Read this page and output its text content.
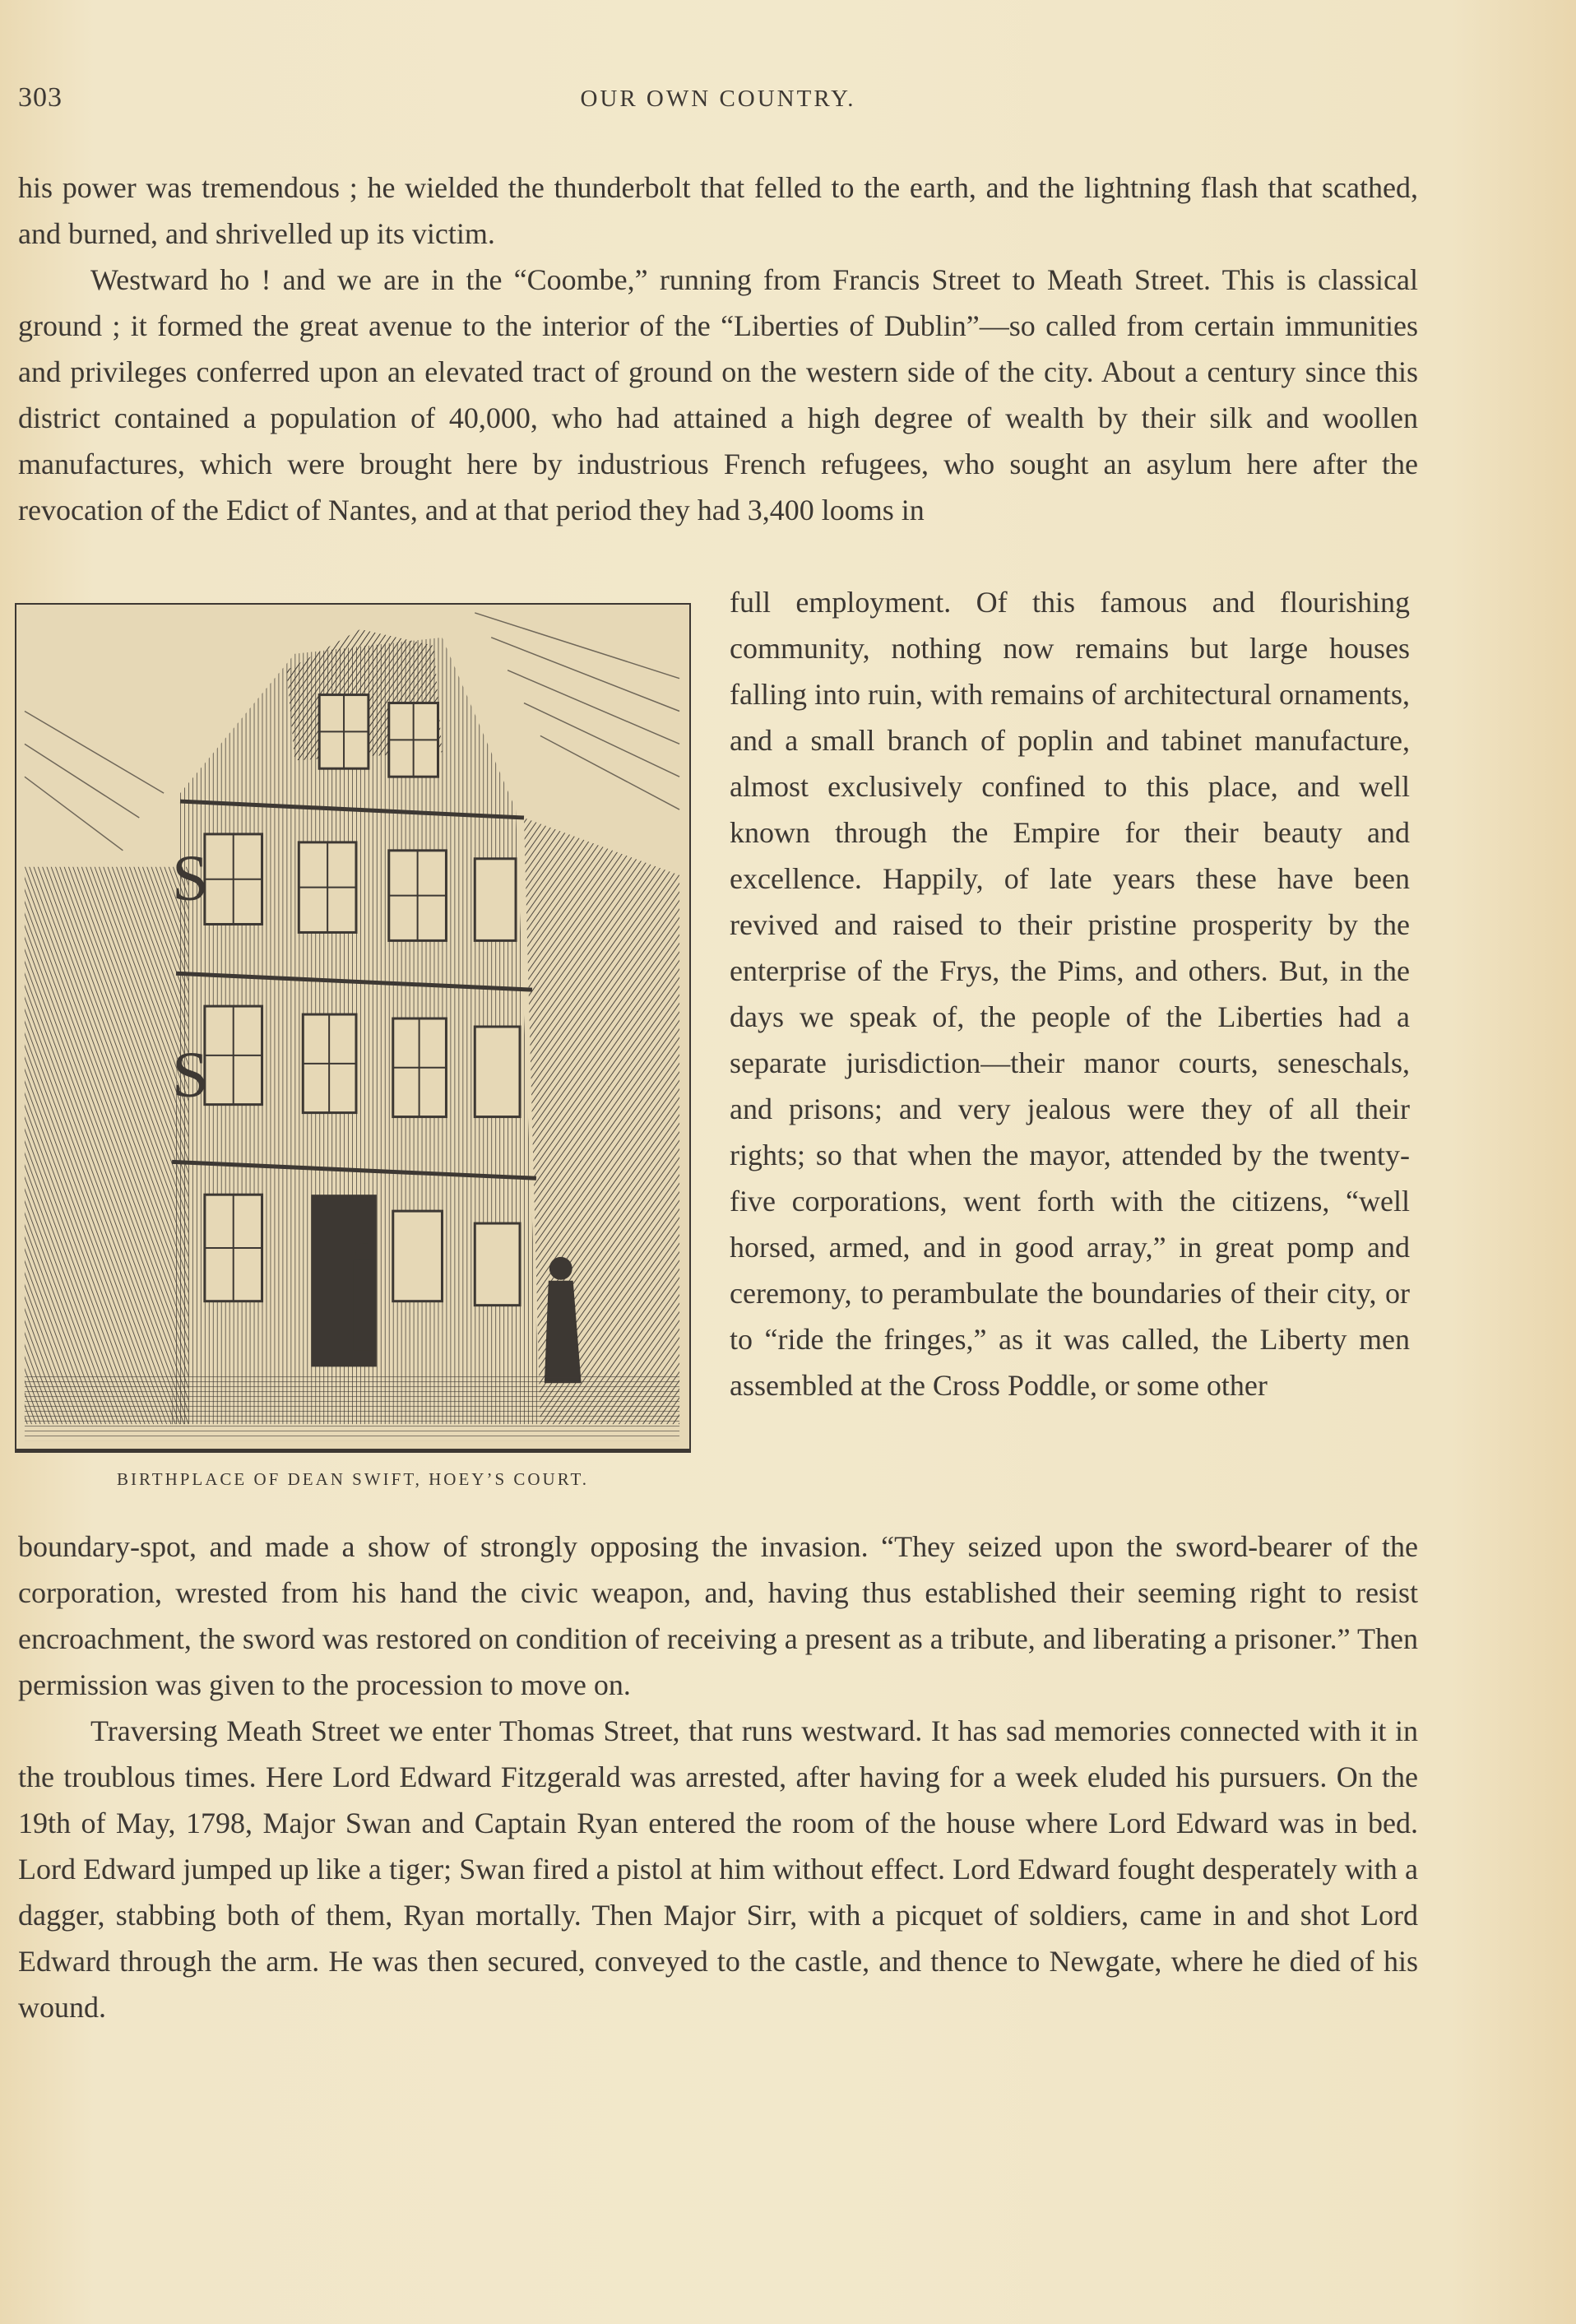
303	OUR OWN COUNTRY.

his power was tremendous ; he wielded the thunderbolt that felled to the earth, and the lightning flash that scathed, and burned, and shrivelled up its victim.

Westward ho ! and we are in the “Coombe,” running from Francis Street to Meath Street. This is classical ground ; it formed the great avenue to the interior of the “Liberties of Dublin”—so called from certain immunities and privileges conferred upon an elevated tract of ground on the western side of the city. About a century since this district contained a population of 40,000, who had attained a high degree of wealth by their silk and woollen manufactures, which were brought here by industrious French refugees, who sought an asylum here after the revocation of the Edict of Nantes, and at that period they had 3,400 looms in

S
S
BIRTHPLACE OF DEAN SWIFT, HOEY’S COURT.

full employment. Of this famous and flourishing community, nothing now remains but large houses falling into ruin, with remains of architectural ornaments, and a small branch of poplin and tabinet manufacture, almost exclusively confined to this place, and well known through the Empire for their beauty and excellence. Happily, of late years these have been revived and raised to their pristine prosperity by the enterprise of the Frys, the Pims, and others. But, in the days we speak of, the people of the Liberties had a separate jurisdiction—their manor courts, seneschals, and prisons; and very jealous were they of all their rights; so that when the mayor, attended by the twenty-five corporations, went forth with the citizens, “well horsed, armed, and in good array,” in great pomp and ceremony, to perambulate the boundaries of their city, or to “ride the fringes,” as it was called, the Liberty men assembled at the Cross Poddle, or some other

boundary-spot, and made a show of strongly opposing the invasion. “They seized upon the sword-bearer of the corporation, wrested from his hand the civic weapon, and, having thus established their seeming right to resist encroachment, the sword was restored on condition of receiving a present as a tribute, and liberating a prisoner.” Then permission was given to the procession to move on.

Traversing Meath Street we enter Thomas Street, that runs westward. It has sad memories connected with it in the troublous times. Here Lord Edward Fitzgerald was arrested, after having for a week eluded his pursuers. On the 19th of May, 1798, Major Swan and Captain Ryan entered the room of the house where Lord Edward was in bed. Lord Edward jumped up like a tiger; Swan fired a pistol at him without effect. Lord Edward fought desperately with a dagger, stabbing both of them, Ryan mortally. Then Major Sirr, with a picquet of soldiers, came in and shot Lord Edward through the arm. He was then secured, conveyed to the castle, and thence to Newgate, where he died of his wound.
